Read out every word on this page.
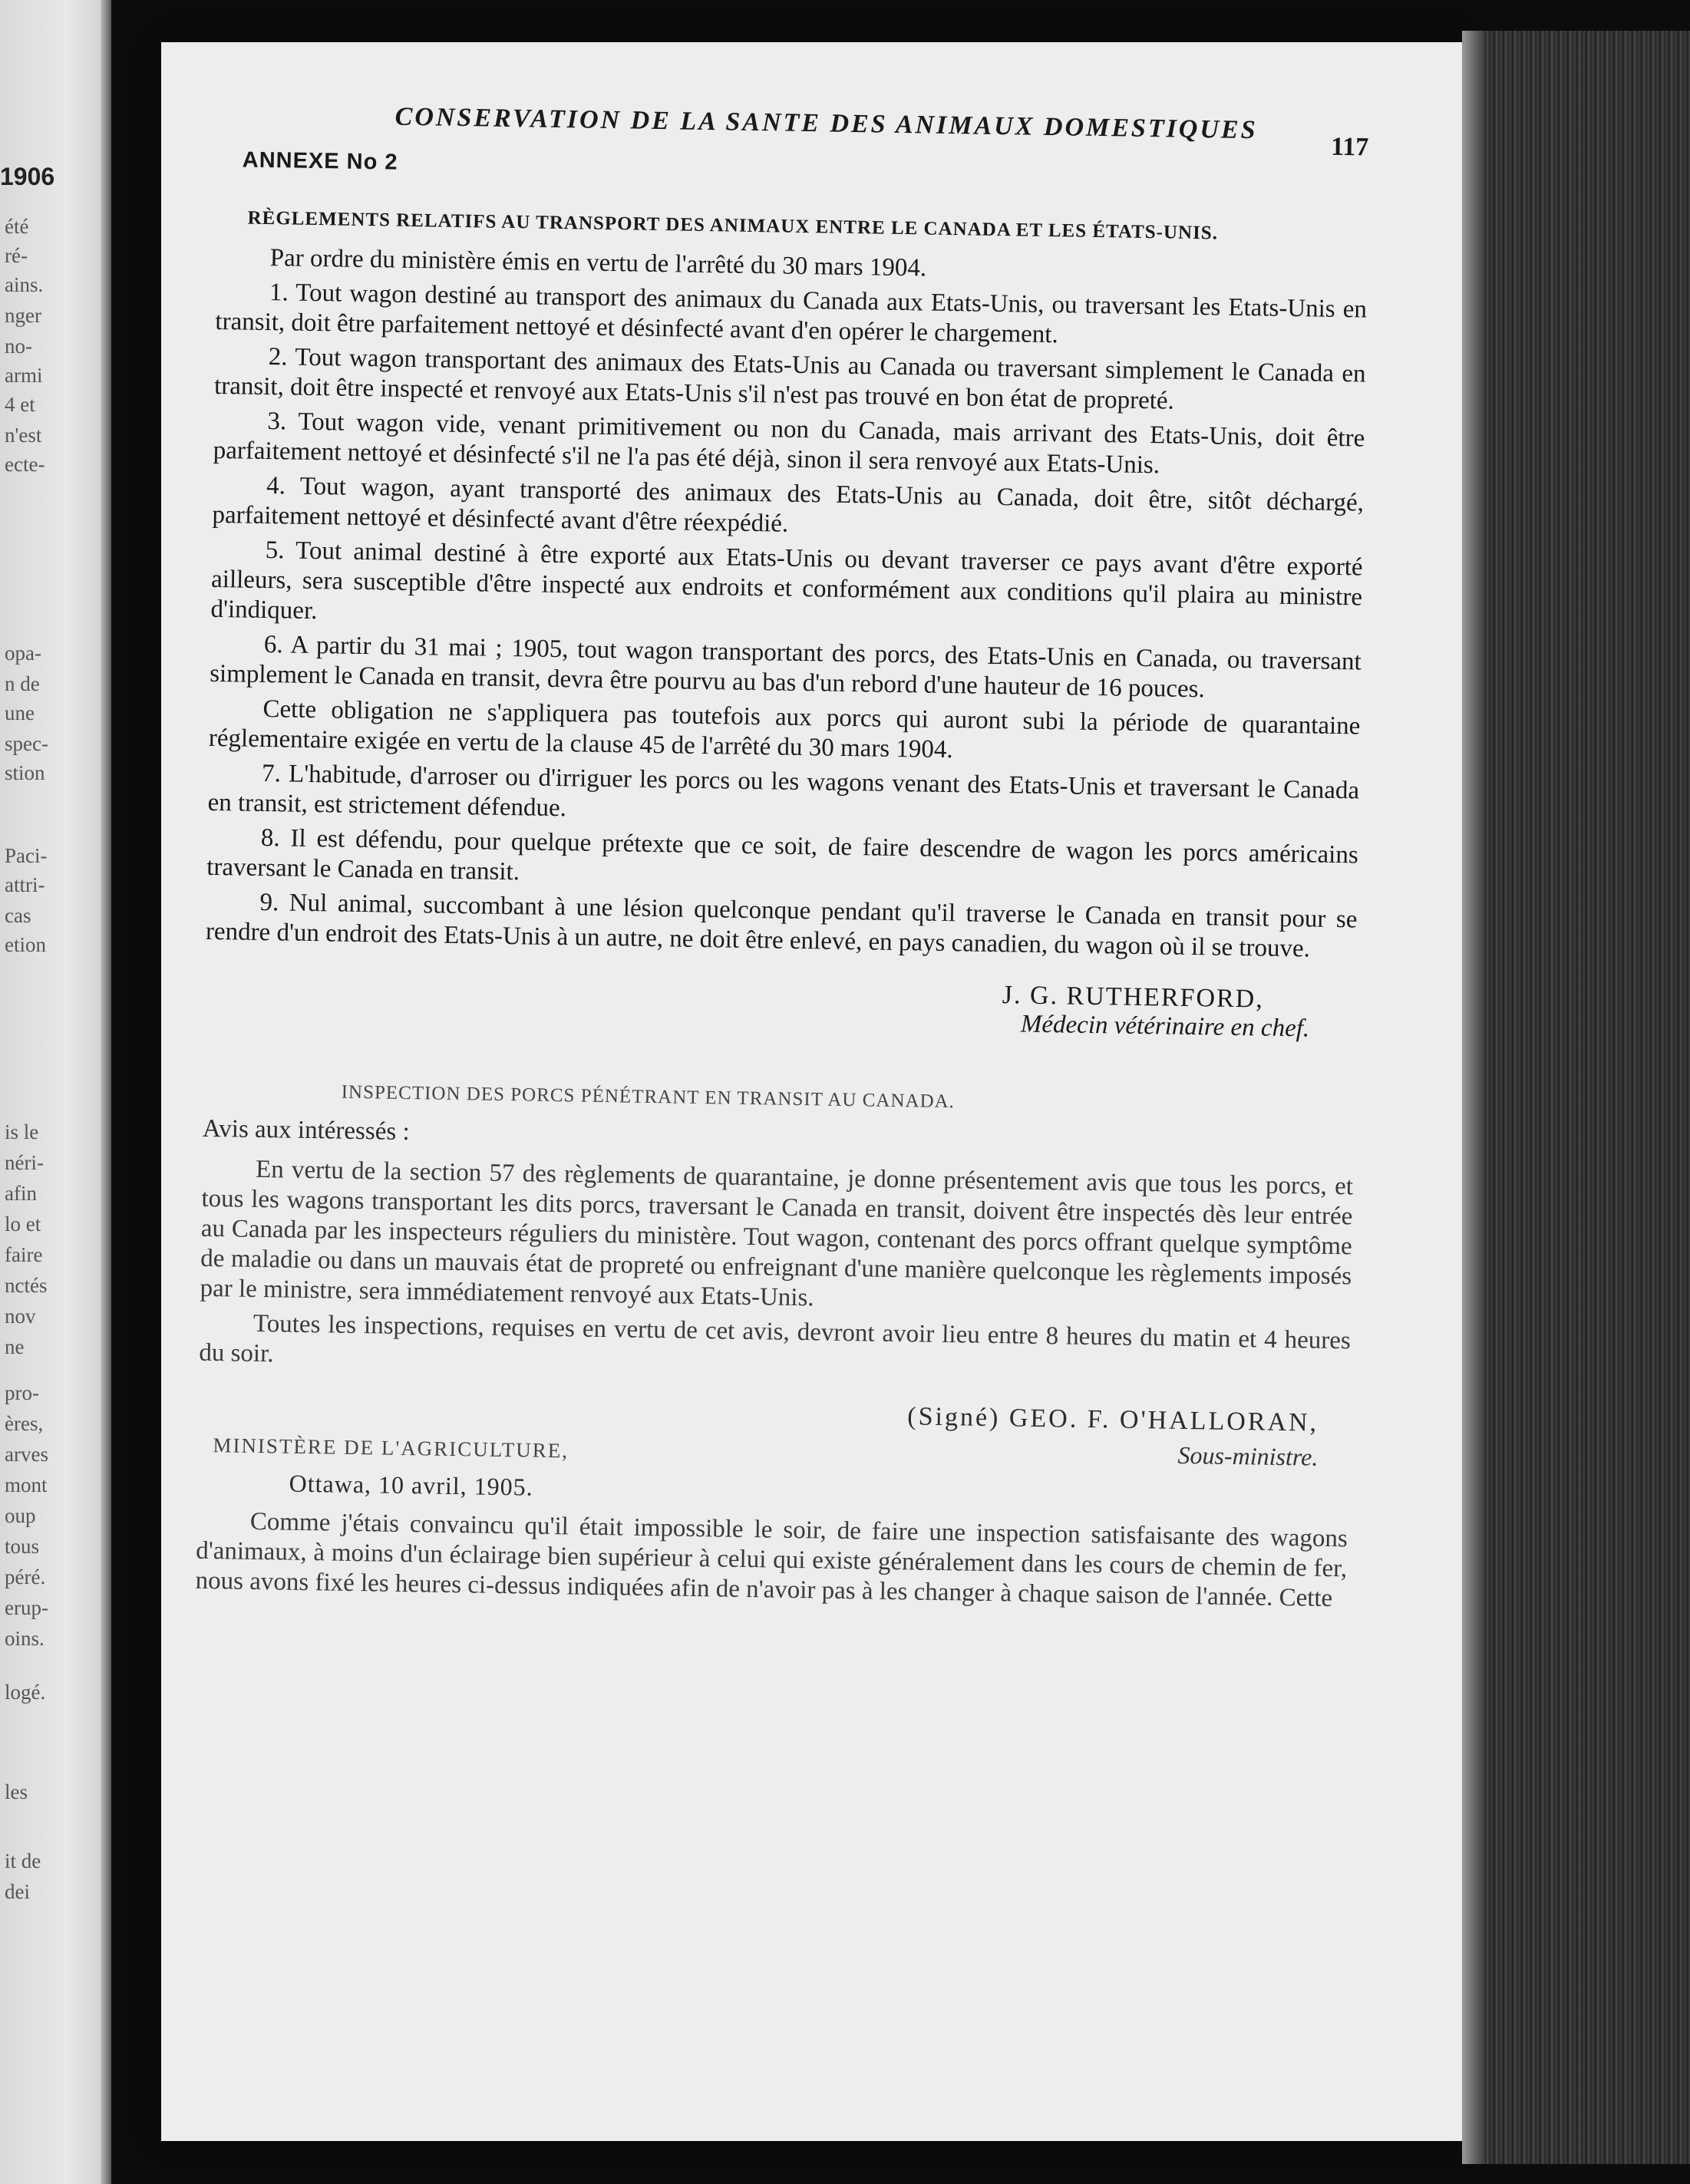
1906
été
ré-
ains.
nger
no-
armi
4 et
n'est
ecte-
opa-
n de
une
spec-
stion
Paci-
attri-
cas
etion
is le
néri-
afin
lo et
faire
nctés
nov
ne
pro-
ères,
arves
mont
oup
tous
péré.
erup-
oins.
logé.
les
it de
dei
CONSERVATION DE LA SANTE DES ANIMAUX DOMESTIQUES
ANNEXE No 2	117
RÈGLEMENTS RELATIFS AU TRANSPORT DES ANIMAUX ENTRE LE CANADA ET LES ÉTATS-UNIS.

Par ordre du ministère émis en vertu de l'arrêté du 30 mars 1904.

1. Tout wagon destiné au transport des animaux du Canada aux Etats-Unis, ou traversant les Etats-Unis en transit, doit être parfaitement nettoyé et désinfecté avant d'en opérer le chargement.

2. Tout wagon transportant des animaux des Etats-Unis au Canada ou traversant simplement le Canada en transit, doit être inspecté et renvoyé aux Etats-Unis s'il n'est pas trouvé en bon état de propreté.

3. Tout wagon vide, venant primitivement ou non du Canada, mais arrivant des Etats-Unis, doit être parfaitement nettoyé et désinfecté s'il ne l'a pas été déjà, sinon il sera renvoyé aux Etats-Unis.

4. Tout wagon, ayant transporté des animaux des Etats-Unis au Canada, doit être, sitôt déchargé, parfaitement nettoyé et désinfecté avant d'être réexpédié.

5. Tout animal destiné à être exporté aux Etats-Unis ou devant traverser ce pays avant d'être exporté ailleurs, sera susceptible d'être inspecté aux endroits et conformément aux conditions qu'il plaira au ministre d'indiquer.

6. A partir du 31 mai ; 1905, tout wagon transportant des porcs, des Etats-Unis en Canada, ou traversant simplement le Canada en transit, devra être pourvu au bas d'un rebord d'une hauteur de 16 pouces.

Cette obligation ne s'appliquera pas toutefois aux porcs qui auront subi la période de quarantaine réglementaire exigée en vertu de la clause 45 de l'arrêté du 30 mars 1904.

7. L'habitude, d'arroser ou d'irriguer les porcs ou les wagons venant des Etats-Unis et traversant le Canada en transit, est strictement défendue.

8. Il est défendu, pour quelque prétexte que ce soit, de faire descendre de wagon les porcs américains traversant le Canada en transit.

9. Nul animal, succombant à une lésion quelconque pendant qu'il traverse le Canada en transit pour se rendre d'un endroit des Etats-Unis à un autre, ne doit être enlevé, en pays canadien, du wagon où il se trouve.

J. G. RUTHERFORD,
Médecin vétérinaire en chef.
INSPECTION DES PORCS PÉNÉTRANT EN TRANSIT AU CANADA.
Avis aux intéressés :

En vertu de la section 57 des règlements de quarantaine, je donne présentement avis que tous les porcs, et tous les wagons transportant les dits porcs, traversant le Canada en transit, doivent être inspectés dès leur entrée au Canada par les inspecteurs réguliers du ministère. Tout wagon, contenant des porcs offrant quelque symptôme de maladie ou dans un mauvais état de propreté ou enfreignant d'une manière quelconque les règlements imposés par le ministre, sera immédiatement renvoyé aux Etats-Unis.

Toutes les inspections, requises en vertu de cet avis, devront avoir lieu entre 8 heures du matin et 4 heures du soir.

(Signé) GEO. F. O'HALLORAN,
Sous-ministre.
MINISTÈRE DE L'AGRICULTURE,
Ottawa, 10 avril, 1905.

Comme j'étais convaincu qu'il était impossible le soir, de faire une inspection satisfaisante des wagons d'animaux, à moins d'un éclairage bien supérieur à celui qui existe généralement dans les cours de chemin de fer, nous avons fixé les heures ci-dessus indiquées afin de n'avoir pas à les changer à chaque saison de l'année. Cette
